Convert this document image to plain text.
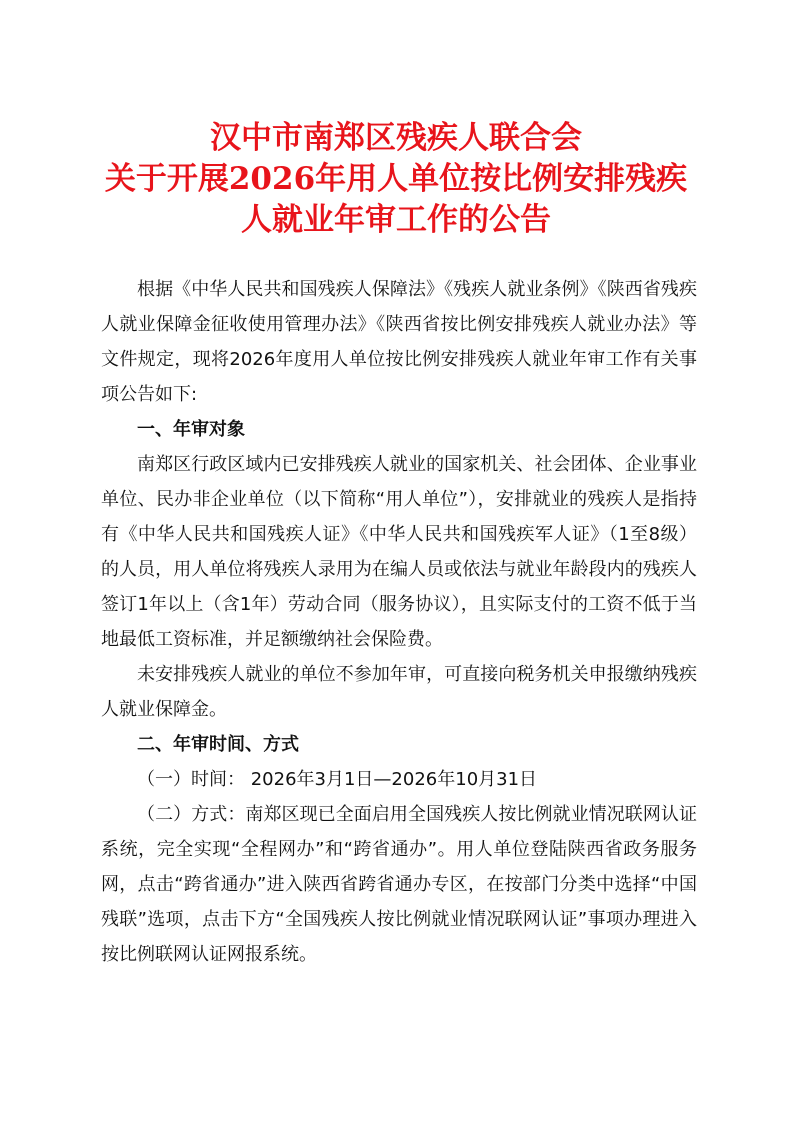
汉中市南郑区残疾人联合会
关于开展2026年用人单位按比例安排残疾
人就业年审工作的公告

根据《中华人民共和国残疾人保障法》《残疾人就业条例》《陕西省残疾人就业保障金征收使用管理办法》《陕西省按比例安排残疾人就业办法》等文件规定，现将2026年度用人单位按比例安排残疾人就业年审工作有关事项公告如下:

一、年审对象

南郑区行政区域内已安排残疾人就业的国家机关、社会团体、企业事业单位、民办非企业单位（以下简称“用人单位”），安排就业的残疾人是指持有《中华人民共和国残疾人证》《中华人民共和国残疾军人证》（1至8级）的人员，用人单位将残疾人录用为在编人员或依法与就业年龄段内的残疾人签订1年以上（含1年）劳动合同（服务协议），且实际支付的工资不低于当地最低工资标准，并足额缴纳社会保险费。

未安排残疾人就业的单位不参加年审，可直接向税务机关申报缴纳残疾人就业保障金。

二、年审时间、方式

（一）时间： 2026年3月1日—2026年10月31日

（二）方式：南郑区现已全面启用全国残疾人按比例就业情况联网认证系统，完全实现“全程网办”和“跨省通办”。用人单位登陆陕西省政务服务网，点击“跨省通办”进入陕西省跨省通办专区，在按部门分类中选择“中国残联”选项，点击下方“全国残疾人按比例就业情况联网认证”事项办理进入按比例联网认证网报系统。
